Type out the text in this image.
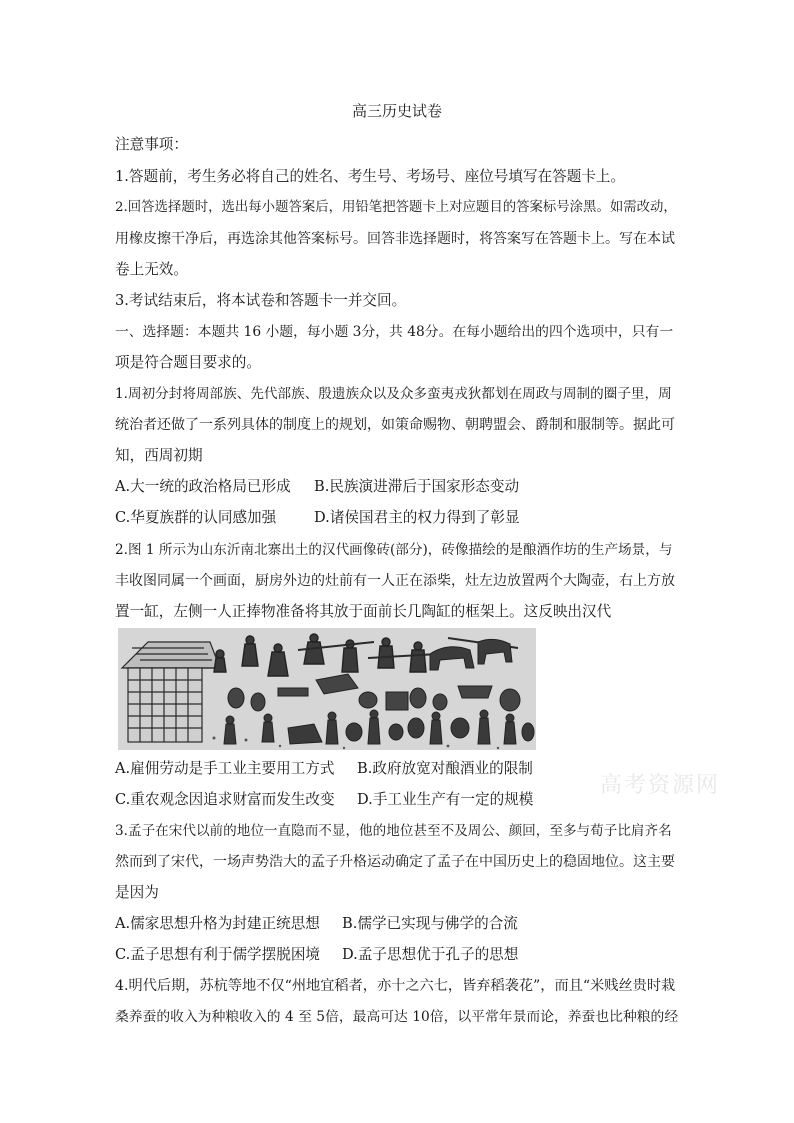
高三历史试卷
注意事项：
1.答题前，考生务必将自己的姓名、考生号、考场号、座位号填写在答题卡上。
2.回答选择题时，选出每小题答案后，用铅笔把答题卡上对应题目的答案标号涂黑。如需改动，
用橡皮擦干净后，再选涂其他答案标号。回答非选择题时，将答案写在答题卡上。写在本试
卷上无效。
3.考试结束后，将本试卷和答题卡一并交回。
一、选择题：本题共 16 小题，每小题 3分，共 48分。在每小题给出的四个选项中，只有一
项是符合题目要求的。
1.周初分封将周部族、先代部族、殷遗族众以及众多蛮夷戎狄都划在周政与周制的圈子里，周
统治者还做了一系列具体的制度上的规划，如策命赐物、朝聘盟会、爵制和服制等。据此可
知，西周初期
A.大一统的政治格局已形成 B.民族演进滞后于国家形态变动
C.华夏族群的认同感加强	D.诸侯国君主的权力得到了彰显
2.图 1 所示为山东沂南北寨出土的汉代画像砖(部分)，砖像描绘的是酿酒作坊的生产场景，与
丰收图同属一个画面，厨房外边的灶前有一人正在添柴，灶左边放置两个大陶壶，右上方放
置一缸，左侧一人正捧物准备将其放于面前长几陶缸的框架上。这反映出汉代
A.雇佣劳动是手工业主要用工方式 B.政府放宽对酿酒业的限制
C.重农观念因追求财富而发生改变 D.手工业生产有一定的规模
高考资源网
3.孟子在宋代以前的地位一直隐而不显，他的地位甚至不及周公、颜回，至多与荀子比肩齐名
然而到了宋代，一场声势浩大的孟子升格运动确定了孟子在中国历史上的稳固地位。这主要
是因为
A.儒家思想升格为封建正统思想 B.儒学已实现与佛学的合流
C.孟子思想有利于儒学摆脱困境 D.孟子思想优于孔子的思想
4.明代后期，苏杭等地不仅“州地宜稻者，亦十之六七，皆弃稻袭花”，而且“米贱丝贵时栽
桑养蚕的收入为种粮收入的 4 至 5倍，最高可达 10倍，以平常年景而论，养蚕也比种粮的经
